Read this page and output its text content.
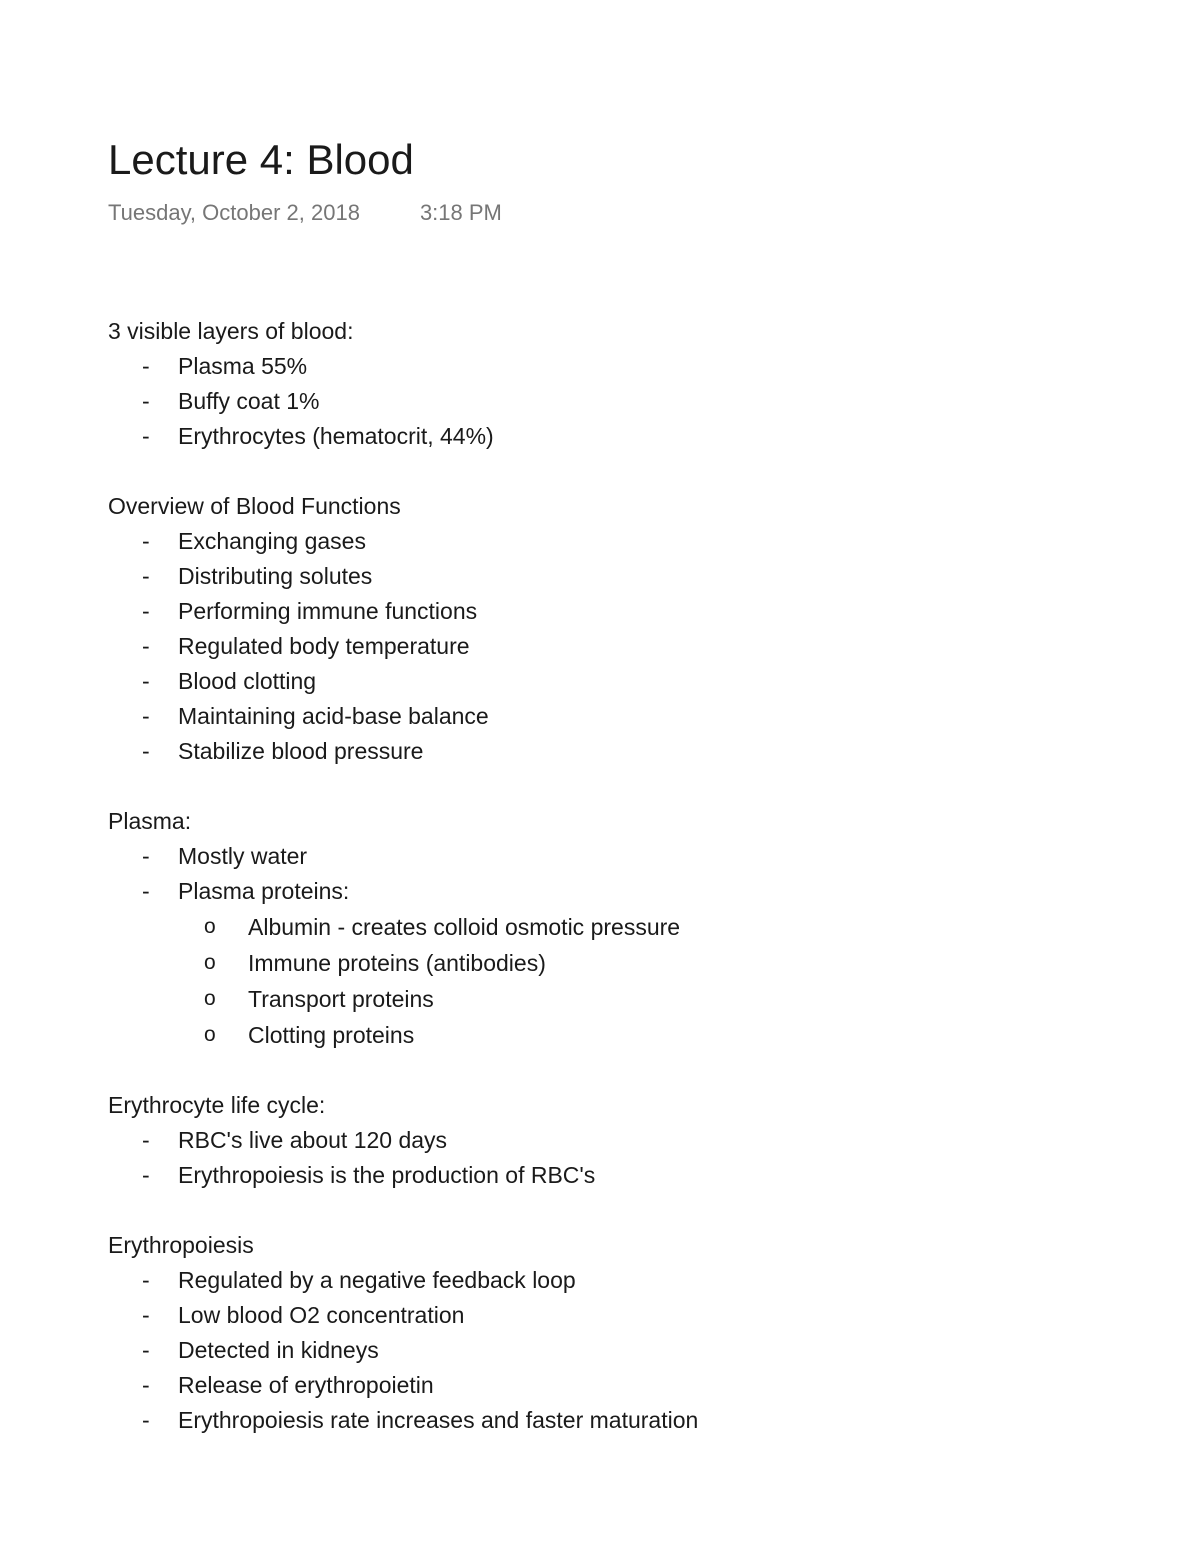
Lecture 4: Blood
Tuesday, October 2, 2018	3:18 PM
3 visible layers of blood:
- Plasma 55%
- Buffy coat 1%
- Erythrocytes (hematocrit, 44%)
Overview of Blood Functions
- Exchanging gases
- Distributing solutes
- Performing immune functions
- Regulated body temperature
- Blood clotting
- Maintaining acid-base balance
- Stabilize blood pressure
Plasma:
- Mostly water
- Plasma proteins:
o Albumin - creates colloid osmotic pressure
o Immune proteins (antibodies)
o Transport proteins
o Clotting proteins
Erythrocyte life cycle:
- RBC's live about 120 days
- Erythropoiesis is the production of RBC's
Erythropoiesis
- Regulated by a negative feedback loop
- Low blood O2 concentration
- Detected in kidneys
- Release of erythropoietin
- Erythropoiesis rate increases and faster maturation
